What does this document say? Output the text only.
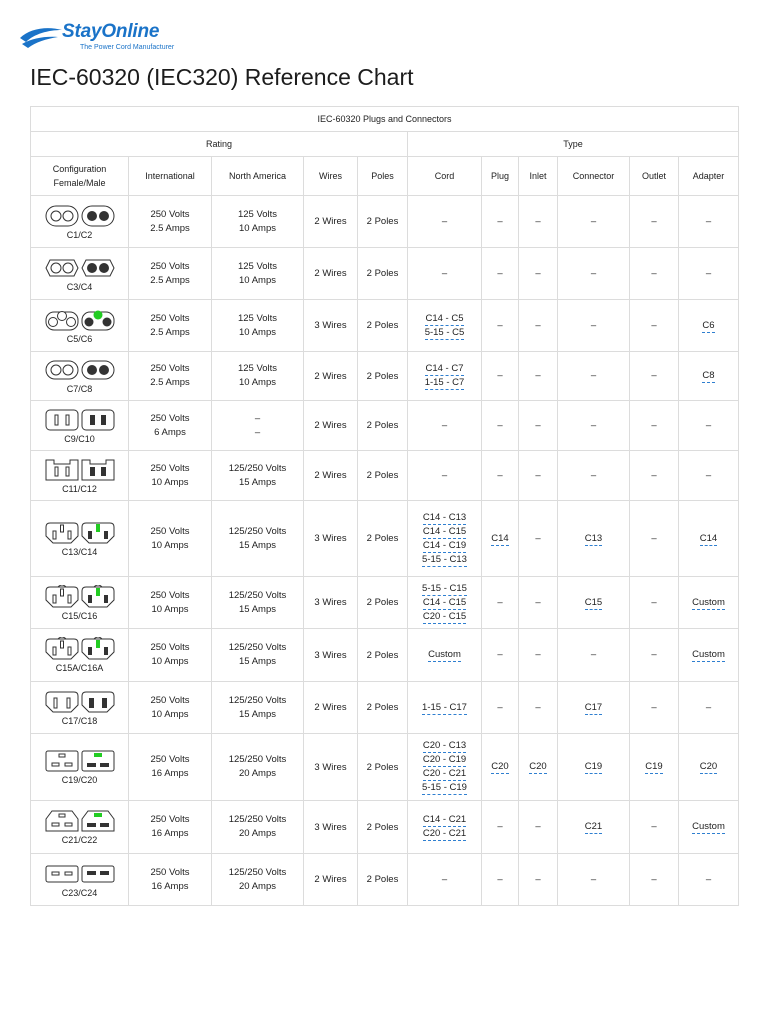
StayOnline
The Power Cord Manufacturer
IEC-60320 (IEC320) Reference Chart
IEC-60320 Plugs and Connectors										
Rating					Type					

Configuration
Female/Male	International	North America	Wires	Poles	Cord	Plug	Inlet	Connector	Outlet	Adapter

C1/C2	250 Volts
2.5 Amps	125 Volts
10 Amps	2 Wires	2 Poles	–	–	–	–	–	–

C3/C4	250 Volts
2.5 Amps	125 Volts
10 Amps	2 Wires	2 Poles	–	–	–	–	–	–

C5/C6	250 Volts
2.5 Amps	125 Volts
10 Amps	3 Wires	2 Poles	C14 - C5
5-15 - C5	–	–	–	–	C6

C7/C8	250 Volts
2.5 Amps	125 Volts
10 Amps	2 Wires	2 Poles	C14 - C7
1-15 - C7	–	–	–	–	C8

C9/C10	250 Volts
6 Amps	–
–	2 Wires	2 Poles	–	–	–	–	–	–

C11/C12	250 Volts
10 Amps	125/250 Volts
15 Amps	2 Wires	2 Poles	–	–	–	–	–	–

C13/C14	250 Volts
10 Amps	125/250 Volts
15 Amps	3 Wires	2 Poles	C14 - C13
C14 - C15
C14 - C19
5-15 - C13	C14	–	C13	–	C14

C15/C16	250 Volts
10 Amps	125/250 Volts
15 Amps	3 Wires	2 Poles	5-15 - C15
C14 - C15
C20 - C15	–	–	C15	–	Custom

C15A/C16A	250 Volts
10 Amps	125/250 Volts
15 Amps	3 Wires	2 Poles	Custom	–	–	–	–	Custom

C17/C18	250 Volts
10 Amps	125/250 Volts
15 Amps	2 Wires	2 Poles	1-15 - C17	–	–	C17	–	–

C19/C20	250 Volts
16 Amps	125/250 Volts
20 Amps	3 Wires	2 Poles	C20 - C13
C20 - C19
C20 - C21
5-15 - C19	C20	C20	C19	C19	C20

C21/C22	250 Volts
16 Amps	125/250 Volts
20 Amps	3 Wires	2 Poles	C14 - C21
C20 - C21	–	–	C21	–	Custom

C23/C24	250 Volts
16 Amps	125/250 Volts
20 Amps	2 Wires	2 Poles	–	–	–	–	–	–
